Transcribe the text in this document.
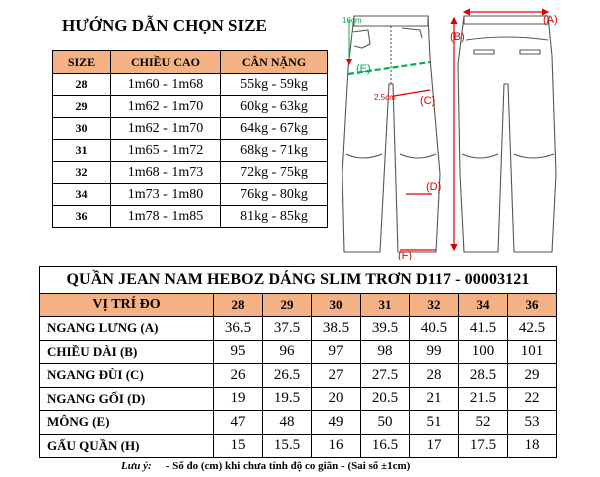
HƯỚNG DẪN CHỌN SIZE
SIZE	CHIỀU CAO	CÂN NẶNG
28	1m60 - 1m68	55kg - 59kg
29	1m62 - 1m70	60kg - 63kg
30	1m62 - 1m70	64kg - 67kg
31	1m65 - 1m72	68kg - 71kg
32	1m68 - 1m73	72kg - 75kg
34	1m73 - 1m80	76kg - 80kg
36	1m78 - 1m85	81kg - 85kg
16cm
2.5cm
(A)
(B)
(C)
(D)
(E)
(F)
QUẦN JEAN NAM HEBOZ DÁNG SLIM TRƠN D117 - 00003121							
VỊ TRÍ ĐO	28	29	30	31	32	34	36
NGANG LƯNG (A)	36.5	37.5	38.5	39.5	40.5	41.5	42.5
CHIỀU DÀI (B)	95	96	97	98	99	100	101
NGANG ĐÙI (C)	26	26.5	27	27.5	28	28.5	29
NGANG GỐI (D)	19	19.5	20	20.5	21	21.5	22
MÔNG (E)	47	48	49	50	51	52	53
GẤU QUẦN (H)	15	15.5	16	16.5	17	17.5	18
Lưu ý: - Số đo (cm) khi chưa tính độ co giãn - (Sai số ±1cm)
